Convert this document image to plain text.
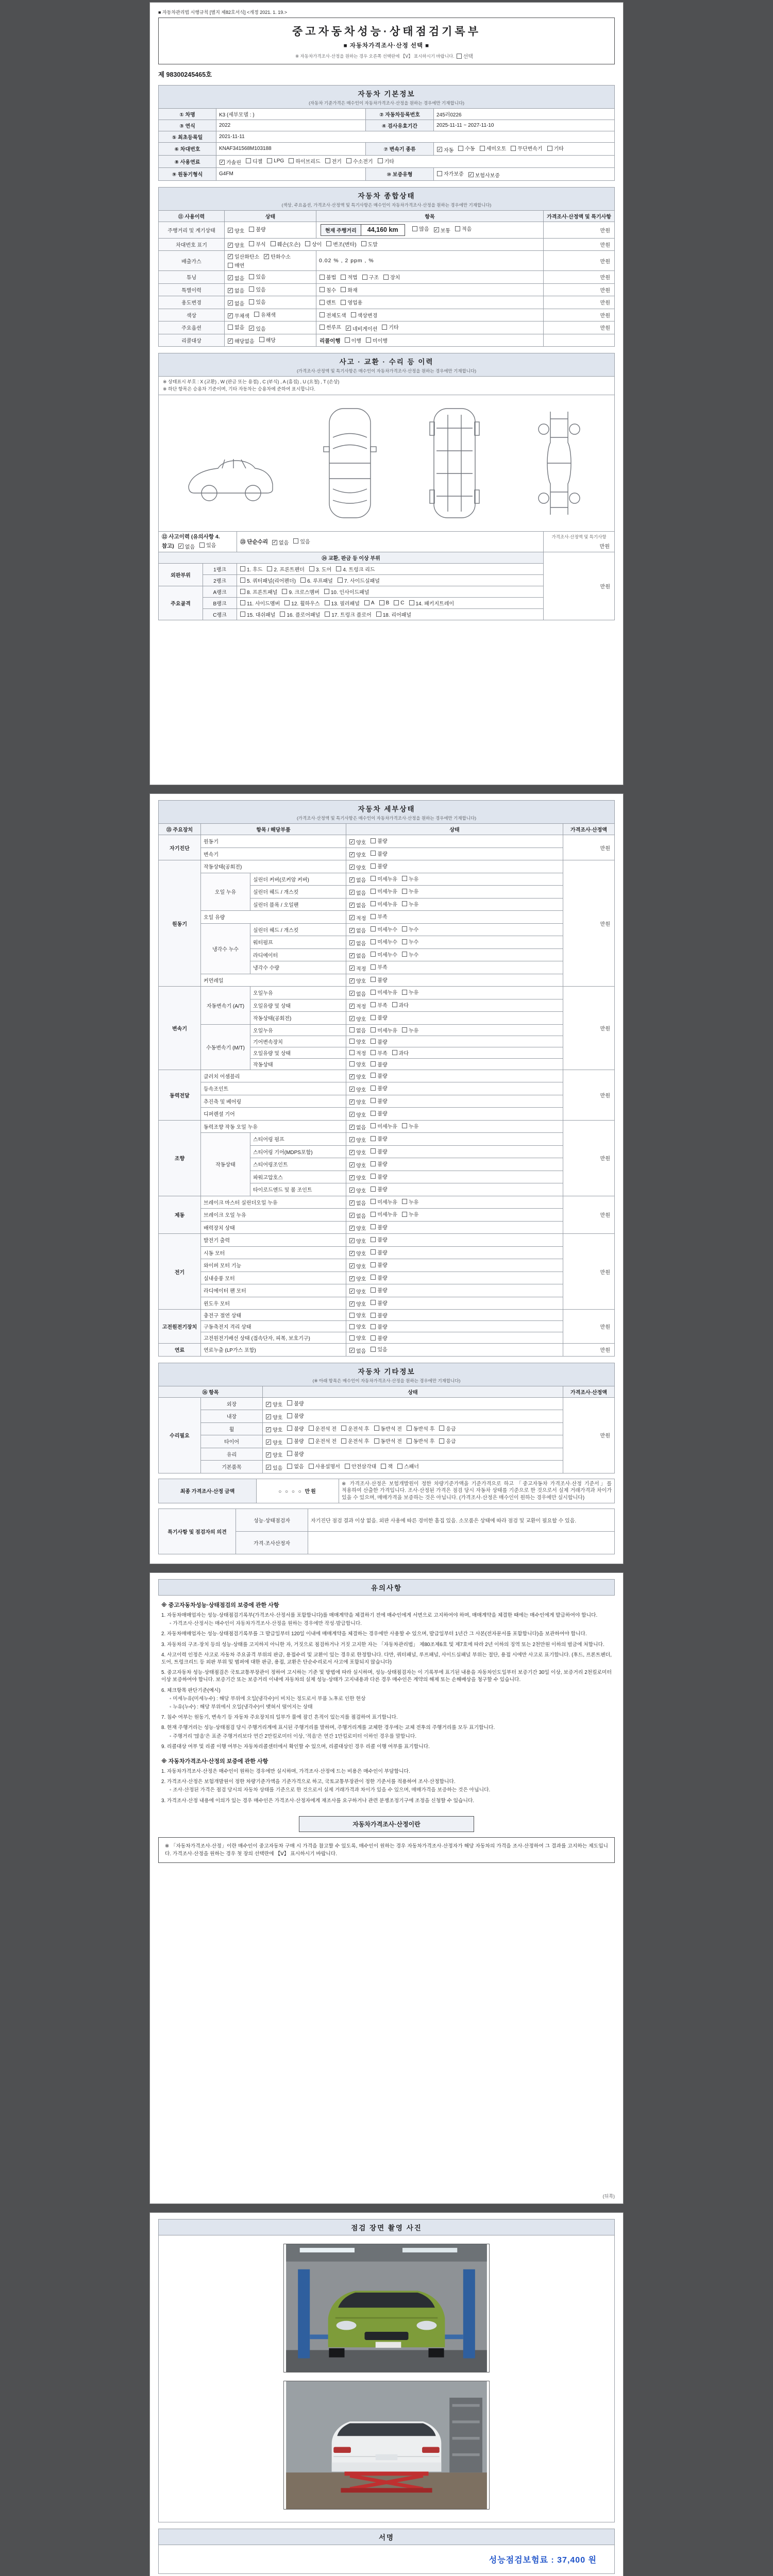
■ 자동차관리법 시행규칙 [별지 제82호서식] <개정 2021. 1. 19.>
중고자동차성능·상태점검기록부
■ 자동차가격조사·산정 선택 ■
※ 자동차가격조사·산정을 원하는 경우 오른쪽 선택란에 【Ⅴ】 표시하시기 바랍니다. 선택
제 98300245465호
자동차 기본정보
(자동차 기준가격은 매수인이 자동차가격조사·산정을 원하는 경우에만 기재합니다)
① 차명	K3 (세부모델 : )	② 자동차등록번호	245러0226
③ 연식	2022	④ 검사유효기간	2025-11-11 ~ 2027-11-10
⑤ 최초등록일	2021-11-11		
⑥ 차대번호	KNAF341568M103188	⑦ 변속기 종류	✓ 자동 수동 세미오토 무단변속기 기타

⑧ 사용연료	✓ 가솔린 디젤 LPG 하이브리드 전기 수소전기 기타

⑨ 원동기형식	G4FM	⑩ 보증유형	자가보증 ✓ 보험사보증
자동차 종합상태
(색상, 주요옵션, 가격조사·산정액 및 특기사항은 매수인이 자동차가격조사·산정을 원하는 경우에만 기재합니다)
⑪ 사용이력	상태	항목	가격조사·산정액 및 특기사항
주행거리 및 계기상태	✓ 양호 불량	현재 주행거리	44,160 km
	많음 ✓ 보통 적음	만원
차대번호 표기	✓ 양호 부식 훼손(오손) 상이 변조(변타) 도말	만원
배출가스	✓ 일산화탄소 ✓ 탄화수소
매연	0.02 % , 2 ppm , %	만원
튜닝	✓ 없음 있음	불법 적법 구조 장치	만원
특별이력	✓ 없음 있음	침수 화재	만원
용도변경	✓ 없음 있음	렌트 영업용	만원
색상	✓ 무채색 유채색	전체도색 색상변경	만원
주요옵션	없음 ✓ 있음	썬루프 ✓ 네비게이션 기타	만원
리콜대상	✓ 해당없음 해당	리콜이행 이행 미이행	

사고 · 교환 · 수리 등 이력
(가격조사·산정액 및 특기사항은 매수인이 자동차가격조사·산정을 원하는 경우에만 기재합니다)
※ 상태표시 부호 : X (교환) , W (판금 또는 용접) , C (부식) , A (흠집) , U (요철) , T (손상)
※ 하단 항목은 승용차 기준이며, 기타 자동차는 승용차에 준하여 표시합니다.
⑫ 사고이력 (유의사항 4. 참고) ✓ 없음 있음
	⑬ 단순수리 ✓ 없음 있음

가격조사·산정액 및 특기사항
만원

⑭ 교환, 판금 등 이상 부위			만원
외판부위	1랭크	1. 후드 2. 프론트펜더 3. 도어 4. 트렁크 리드	

	2랭크	5. 쿼터패널(리어펜더) 6. 루프패널 7. 사이드실패널	

주요골격	A랭크	8. 프론트패널 9. 크로스멤버 10. 인사이드패널	

B랭크	11. 사이드멤버 12. 휠하우스 13. 필러패널 A B C 14. 패키지트레이

	C랭크	15. 대쉬패널 16. 플로어패널 17. 트렁크 플로어 18. 리어패널	
자동차 세부상태
(가격조사·산정액 및 특기사항은 매수인이 자동차가격조사·산정을 원하는 경우에만 기재합니다)
⑮ 주요장치	항목 / 해당부품		상태	가격조사·산정액
자기진단	원동기		✓ 양호 불량	만원
	변속기		✓ 양호 불량	

원동기	작동상태(공회전)		✓ 양호 불량	만원
	오일 누유	실린더 커버(로커암 커버)	✓ 없음 미세누유 누유	

		실린더 헤드 / 개스킷	✓ 없음 미세누유 누유	

		실린더 블록 / 오일팬	✓ 없음 미세누유 누유	

	오일 유량		✓ 적정 부족	

	냉각수 누수	실린더 헤드 / 개스킷	✓ 없음 미세누수 누수	

		워터펌프	✓ 없음 미세누수 누수	

		라디에이터	✓ 없음 미세누수 누수	

		냉각수 수량	✓ 적정 부족	

	커먼레일		✓ 양호 불량	

변속기	자동변속기 (A/T)	오일누유	✓ 없음 미세누유 누유	만원
		오일유량 및 상태	✓ 적정 부족 과다	

		작동상태(공회전)	✓ 양호 불량	

	수동변속기 (M/T)	오일누유	없음 미세누유 누유	

		기어변속장치	양호 불량	

		오일유량 및 상태	적정 부족 과다	

		작동상태	양호 불량	

동력전달	클러치 어셈블리		✓ 양호 불량	만원
	등속조인트		✓ 양호 불량	

	추진축 및 베어링		✓ 양호 불량	

	디퍼렌셜 기어		✓ 양호 불량	

조향	동력조향 작동 오일 누유		✓ 없음 미세누유 누유	만원
	작동상태	스티어링 펌프	✓ 양호 불량	

		스티어링 기어(MDPS포함)	✓ 양호 불량	

		스티어링조인트	✓ 양호 불량	

		파워고압호스	✓ 양호 불량	

		타이로드엔드 및 볼 조인트	✓ 양호 불량	

제동	브레이크 마스터 실린더오일 누유		✓ 없음 미세누유 누유	만원
	브레이크 오일 누유		✓ 없음 미세누유 누유	

	배력장치 상태		✓ 양호 불량	

전기	발전기 출력		✓ 양호 불량	만원
	시동 모터		✓ 양호 불량	

	와이퍼 모터 기능		✓ 양호 불량	

	실내송풍 모터		✓ 양호 불량	

	라디에이터 팬 모터		✓ 양호 불량	

	윈도우 모터		✓ 양호 불량	

고전원전기장치	충전구 절연 상태		양호 불량	만원
	구동축전지 격리 상태		양호 불량	

	고전원전기배선 상태 (접속단자, 피복, 보호기구)		양호 불량	

연료	연료누출 (LP가스 포함)		✓ 없음 있음	만원
자동차 기타정보
(※ 아래 항목은 매수인이 자동차가격조사·산정을 원하는 경우에만 기재합니다)
⑯ 항목		상태	가격조사·산정액
수리필요	외장	✓ 양호 불량	만원
	내장	✓ 양호 불량	

휠	✓ 양호 불량 운전석 전 운전석 후 동반석 전 동반석 후 응급

타이어	✓ 양호 불량 운전석 전 운전석 후 동반석 전 동반석 후 응급

	유리	✓ 양호 불량	

기본품목	✓ 있음 없음 사용설명서 안전삼각대 잭 스패너
최종 가격조사·산정 금액	○ ○ ○ ○ 만원	※ 가격조사·산정은 보험개발원이 정한 차량기준가액을 기준가격으로 하고 「중고자동차 가격조사·산정 기준서」를 적용하여 산출한 가격입니다. 조사·산정된 가격은 점검 당시 자동차 상태를 기준으로 한 것으로서 실제 거래가격과 차이가 있을 수 있으며, 매매가격을 보증하는 것은 아닙니다. (가격조사·산정은 매수인이 원하는 경우에만 실시합니다)
특기사항 및 점검자의 의견	성능·상태점검자	자기진단 점검 결과 이상 없음. 외판 사용에 따른 경미한 흠집 있음. 소모품은 상태에 따라 점검 및 교환이 필요할 수 있음.
	가격·조사산정자	
유의사항
※ 중고자동차성능·상태점검의 보증에 관한 사항
1. 자동차매매업자는 성능·상태점검기록부(가격조사·산정서를 포함합니다)를 매매계약을 체결하기 전에 매수인에게 서면으로 고지하여야 하며, 매매계약을 체결한 때에는 매수인에게 발급하여야 합니다.
◦ 가격조사·산정서는 매수인이 자동차가격조사·산정을 원하는 경우에만 작성·발급합니다.
2. 자동차매매업자는 성능·상태점검기록부를 그 발급일부터 120일 이내에 매매계약을 체결하는 경우에만 사용할 수 있으며, 발급일부터 1년간 그 사본(전자문서를 포함합니다)을 보관하여야 합니다.
3. 자동차의 구조·장치 등의 성능·상태를 고지하지 아니한 자, 거짓으로 점검하거나 거짓 고지한 자는 「자동차관리법」 제80조제6호 및 제7호에 따라 2년 이하의 징역 또는 2천만원 이하의 벌금에 처합니다.
4. 사고이력 인정은 사고로 자동차 주요골격 부위의 판금, 용접수리 및 교환이 있는 경우로 한정합니다. 다만, 쿼터패널, 루프패널, 사이드실패널 부위는 절단, 용접 시에만 사고로 표기합니다. (후드, 프론트펜더, 도어, 트렁크리드 등 외판 부위 및 범퍼에 대한 판금, 용접, 교환은 단순수리로서 사고에 포함되지 않습니다)
5. 중고자동차 성능·상태점검은 국토교통부장관이 정하여 고시하는 기준 및 방법에 따라 실시하며, 성능·상태점검자는 이 기록부에 표기된 내용을 자동차인도일부터 보증기간 30일 이상, 보증거리 2천킬로미터 이상 보증하여야 합니다. 보증기간 또는 보증거리 이내에 자동차의 실제 성능·상태가 고지내용과 다른 경우 매수인은 계약의 해제 또는 손해배상을 청구할 수 있습니다.
6. 체크항목 판단기준(예시)
◦ 미세누유(미세누수) : 해당 부위에 오일(냉각수)이 비치는 정도로서 부품 노후로 인한 현상
◦ 누유(누수) : 해당 부위에서 오일(냉각수)이 맺혀서 떨어지는 상태
7. 침수 여부는 원동기, 변속기 등 자동차 주요장치의 일부가 물에 잠긴 흔적이 있는지를 점검하여 표기합니다.
8. 현재 주행거리는 성능·상태점검 당시 주행거리계에 표시된 주행거리를 말하며, 주행거리계를 교체한 경우에는 교체 전후의 주행거리를 모두 표기합니다.
◦ 주행거리 '많음'은 표준 주행거리보다 연간 2만킬로미터 이상, '적음'은 연간 1만킬로미터 이하인 경우를 말합니다.
9. 리콜대상 여부 및 리콜 이행 여부는 자동차리콜센터에서 확인할 수 있으며, 리콜대상인 경우 리콜 이행 여부를 표기합니다.
※ 자동차가격조사·산정의 보증에 관한 사항
1. 자동차가격조사·산정은 매수인이 원하는 경우에만 실시하며, 가격조사·산정에 드는 비용은 매수인이 부담합니다.
2. 가격조사·산정은 보험개발원이 정한 차량기준가액을 기준가격으로 하고, 국토교통부장관이 정한 기준서를 적용하여 조사·산정합니다.
◦ 조사·산정된 가격은 점검 당시의 자동차 상태를 기준으로 한 것으로서 실제 거래가격과 차이가 있을 수 있으며, 매매가격을 보증하는 것은 아닙니다.
3. 가격조사·산정 내용에 이의가 있는 경우 매수인은 가격조사·산정자에게 재조사를 요구하거나 관련 분쟁조정기구에 조정을 신청할 수 있습니다.
자동차가격조사·산정이란
※ 「자동차가격조사·산정」이란 매수인이 중고자동차 구매 시 가격을 참고할 수 있도록, 매수인이 원하는 경우 자동차가격조사·산정자가 해당 자동차의 가격을 조사·산정하여 그 결과를 고지하는 제도입니다. 가격조사·산정을 원하는 경우 첫 장의 선택란에 【Ⅴ】 표시하시기 바랍니다.
(뒤쪽)
점검 장면 촬영 사진
서명
성능점검보험료 : 37,400 원
